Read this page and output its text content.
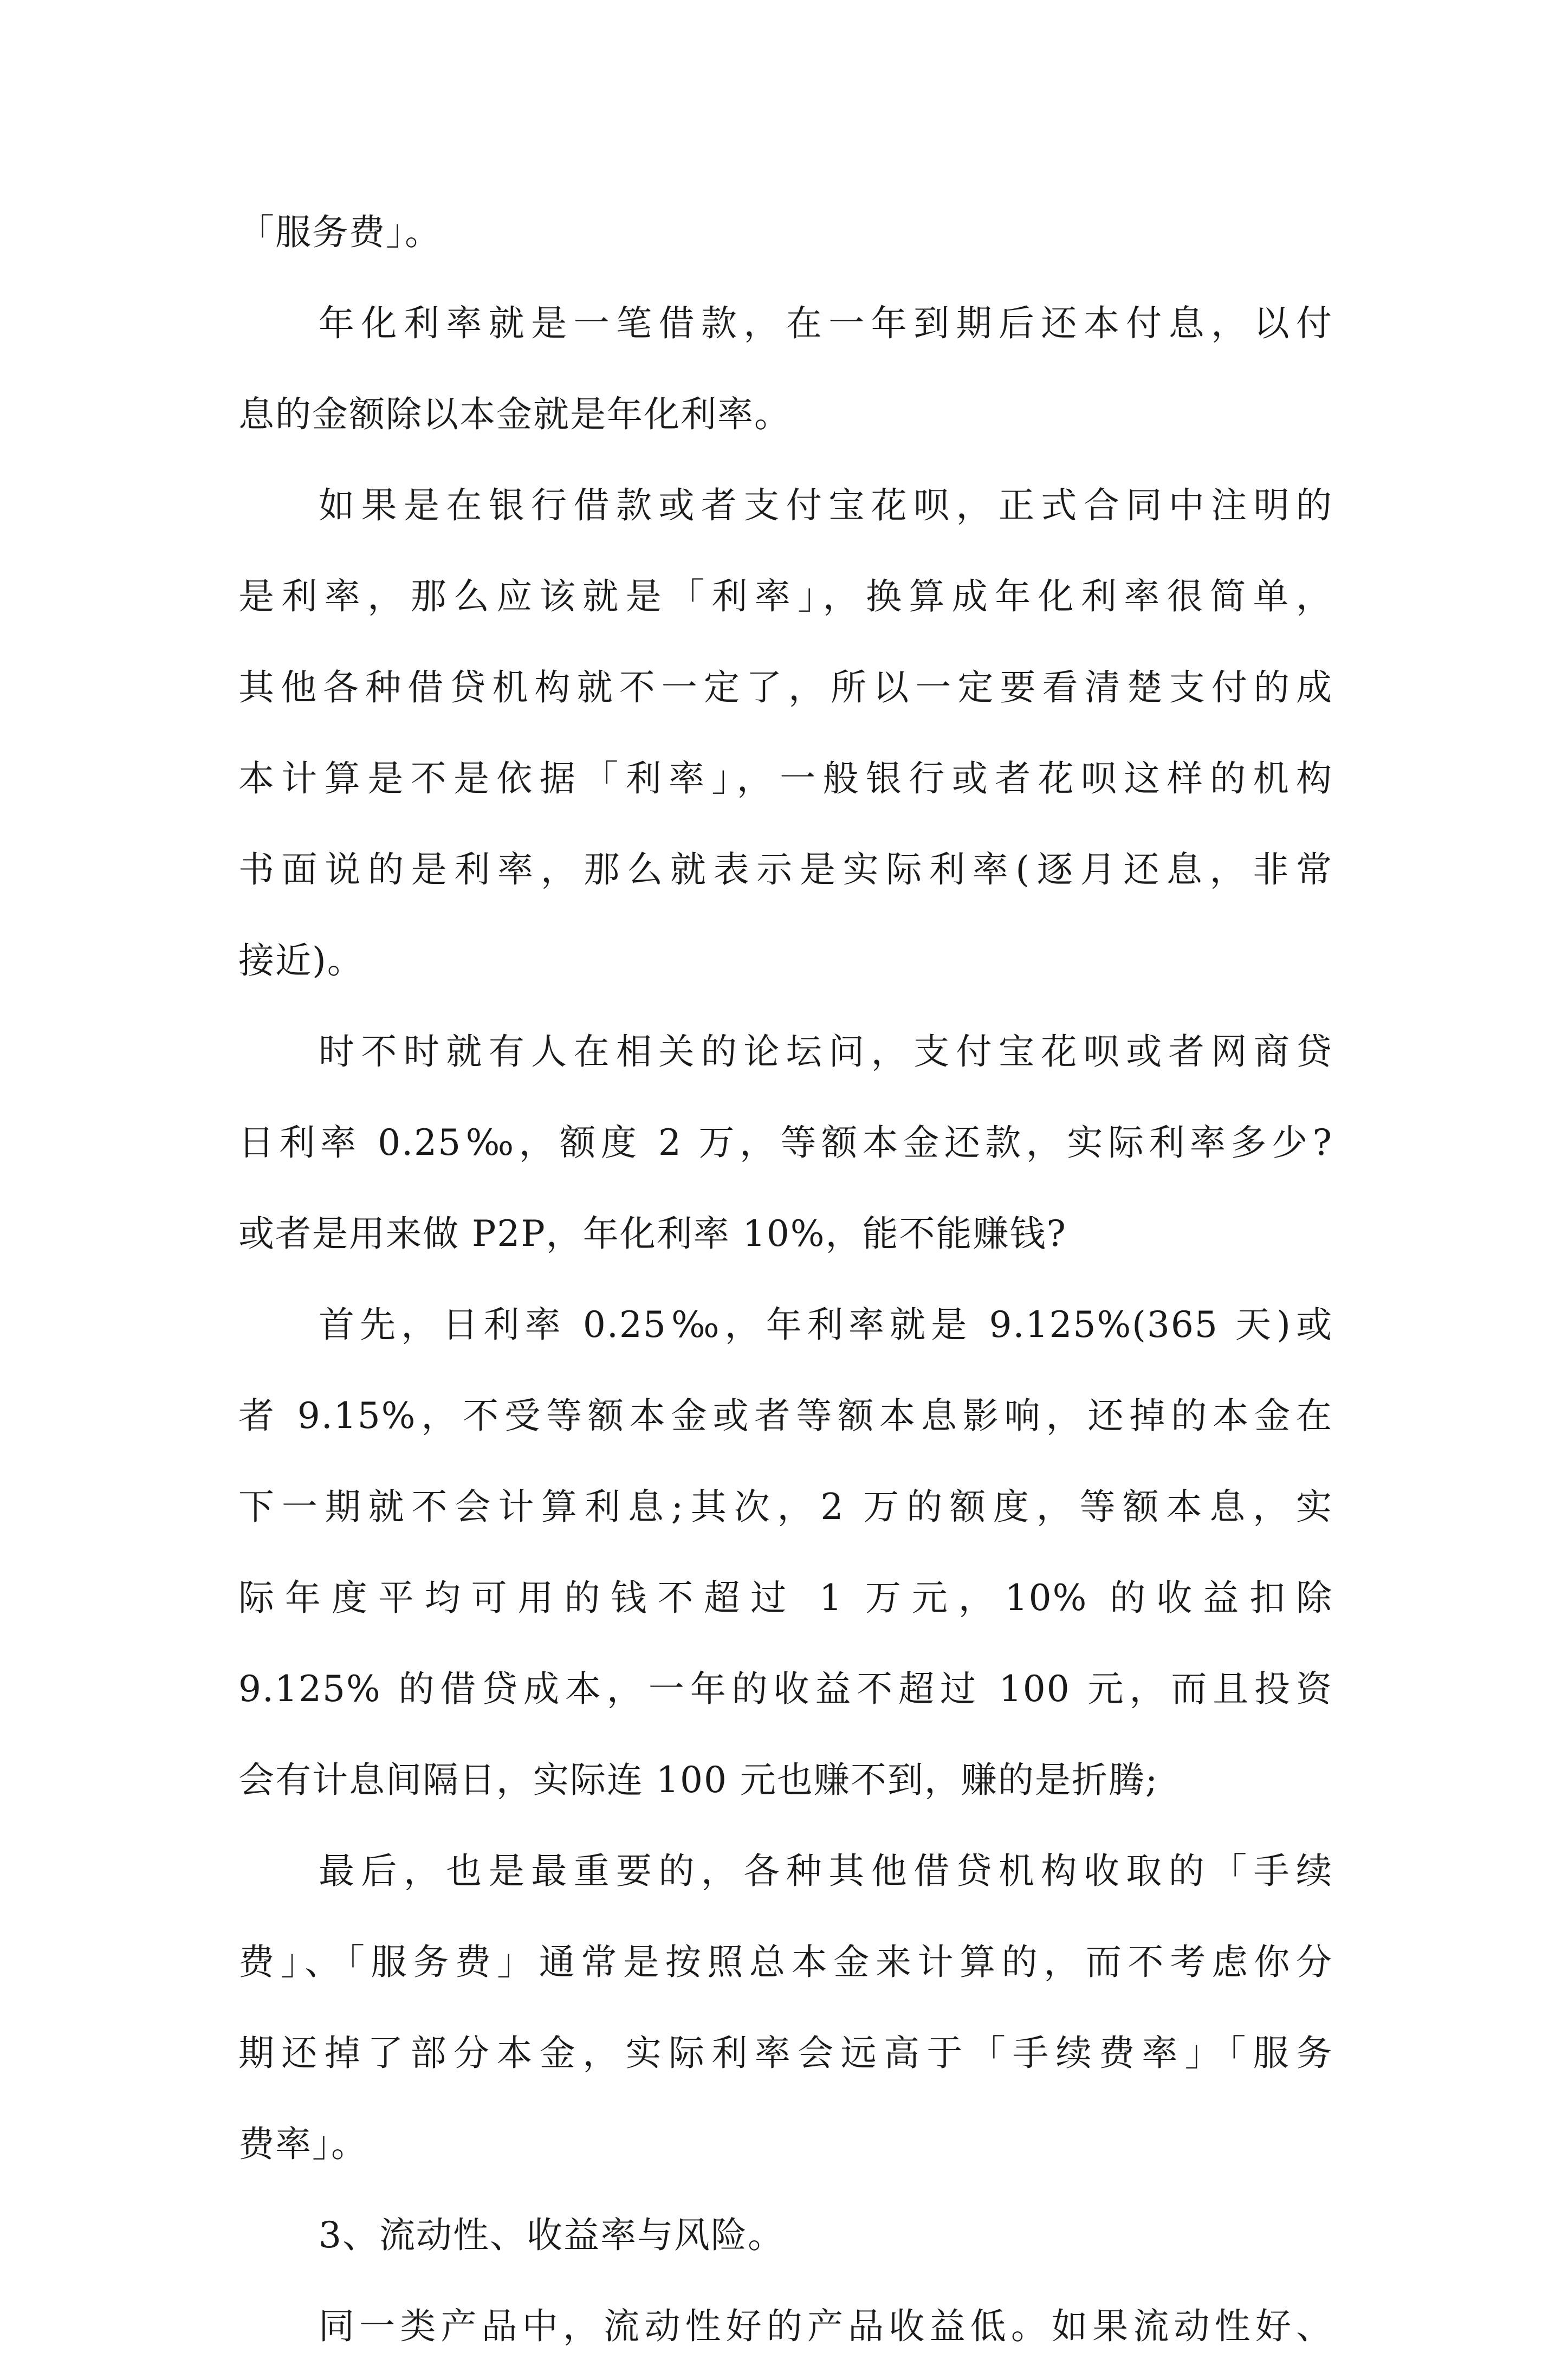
「服务费」。
年化利率就是一笔借款，在一年到期后还本付息，以付
息的金额除以本金就是年化利率。
如果是在银行借款或者支付宝花呗，正式合同中注明的
是利率，那么应该就是「利率」，换算成年化利率很简单，
其他各种借贷机构就不一定了，所以一定要看清楚支付的成
本计算是不是依据「利率」，一般银行或者花呗这样的机构
书面说的是利率，那么就表示是实际利率(逐月还息，非常
接近)。
时不时就有人在相关的论坛问，支付宝花呗或者网商贷
日利率 0.25‰，额度 2 万，等额本金还款，实际利率多少?
或者是用来做 P2P，年化利率 10%，能不能赚钱?
首先，日利率 0.25‰，年利率就是 9.125%(365 天)或
者 9.15%，不受等额本金或者等额本息影响，还掉的本金在
下一期就不会计算利息;其次，2 万的额度，等额本息，实
际年度平均可用的钱不超过 1 万元，10% 的收益扣除
9.125% 的借贷成本，一年的收益不超过 100 元，而且投资
会有计息间隔日，实际连 100 元也赚不到，赚的是折腾;
最后，也是最重要的，各种其他借贷机构收取的「手续
费」、「服务费」通常是按照总本金来计算的，而不考虑你分
期还掉了部分本金，实际利率会远高于「手续费率」「服务
费率」。
3、流动性、收益率与风险。
同一类产品中，流动性好的产品收益低。如果流动性好、
